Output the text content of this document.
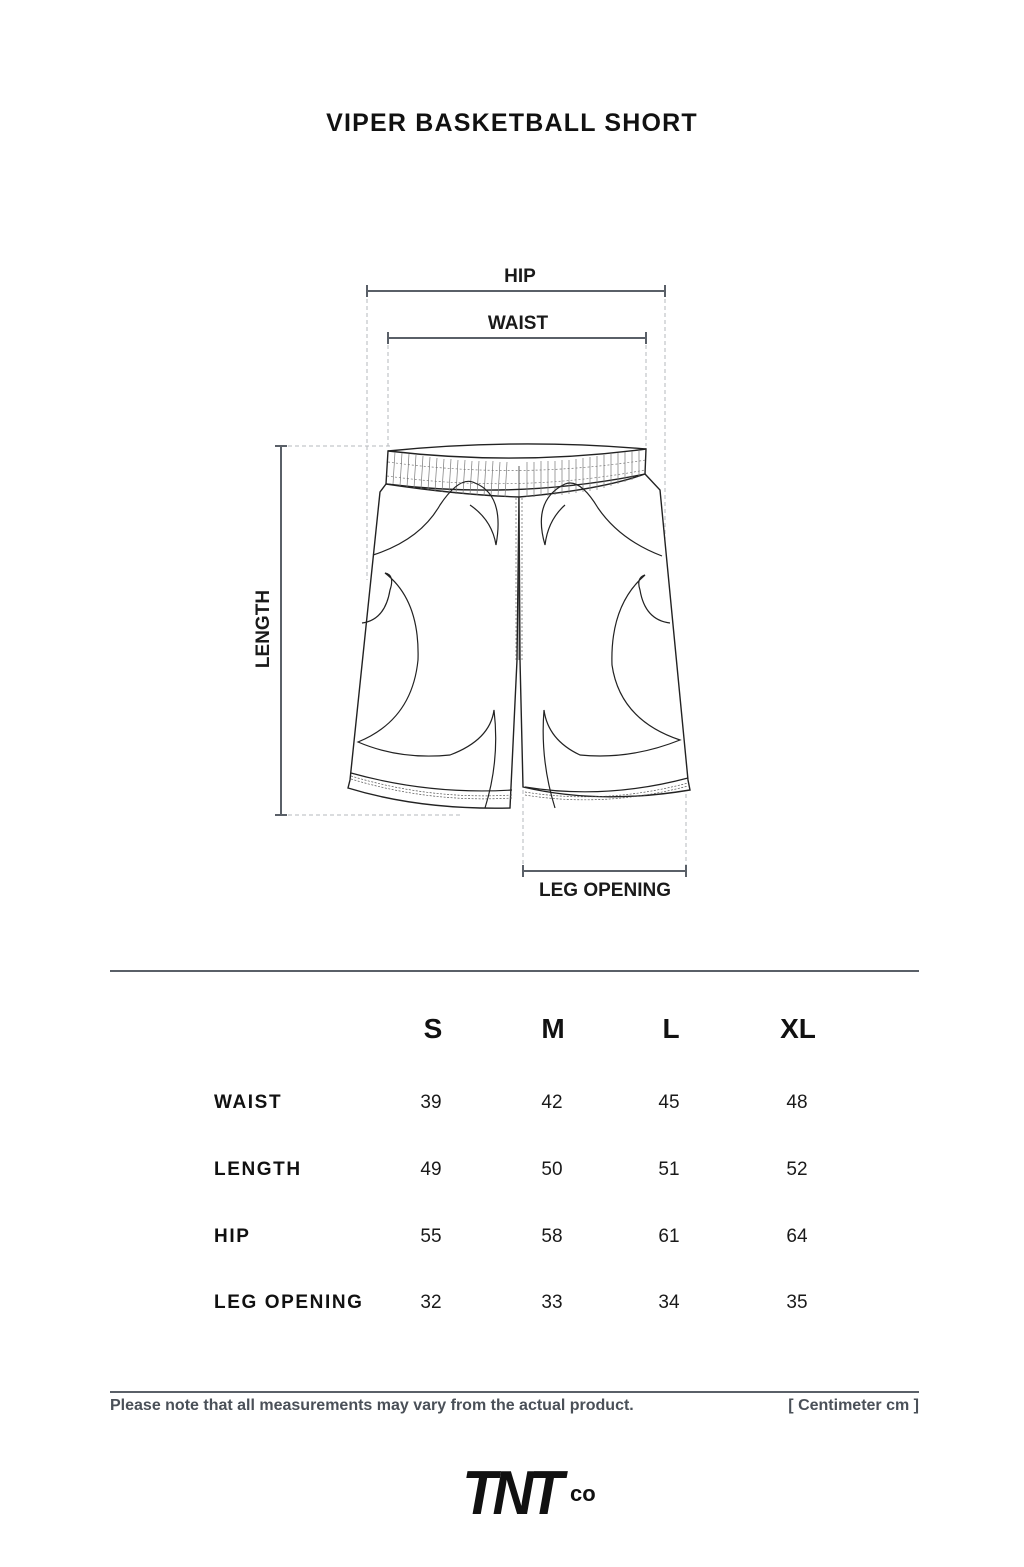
VIPER BASKETBALL SHORT
HIP
WAIST
LENGTH
LEG OPENING
S	M	L	XL
WAIST	39	42	45	48
LENGTH	49	50	51	52
HIP	55	58	61	64
LEG OPENING	32	33	34	35
Please note that all measurements may vary from the actual product.	[ Centimeter cm ]
TNT co
